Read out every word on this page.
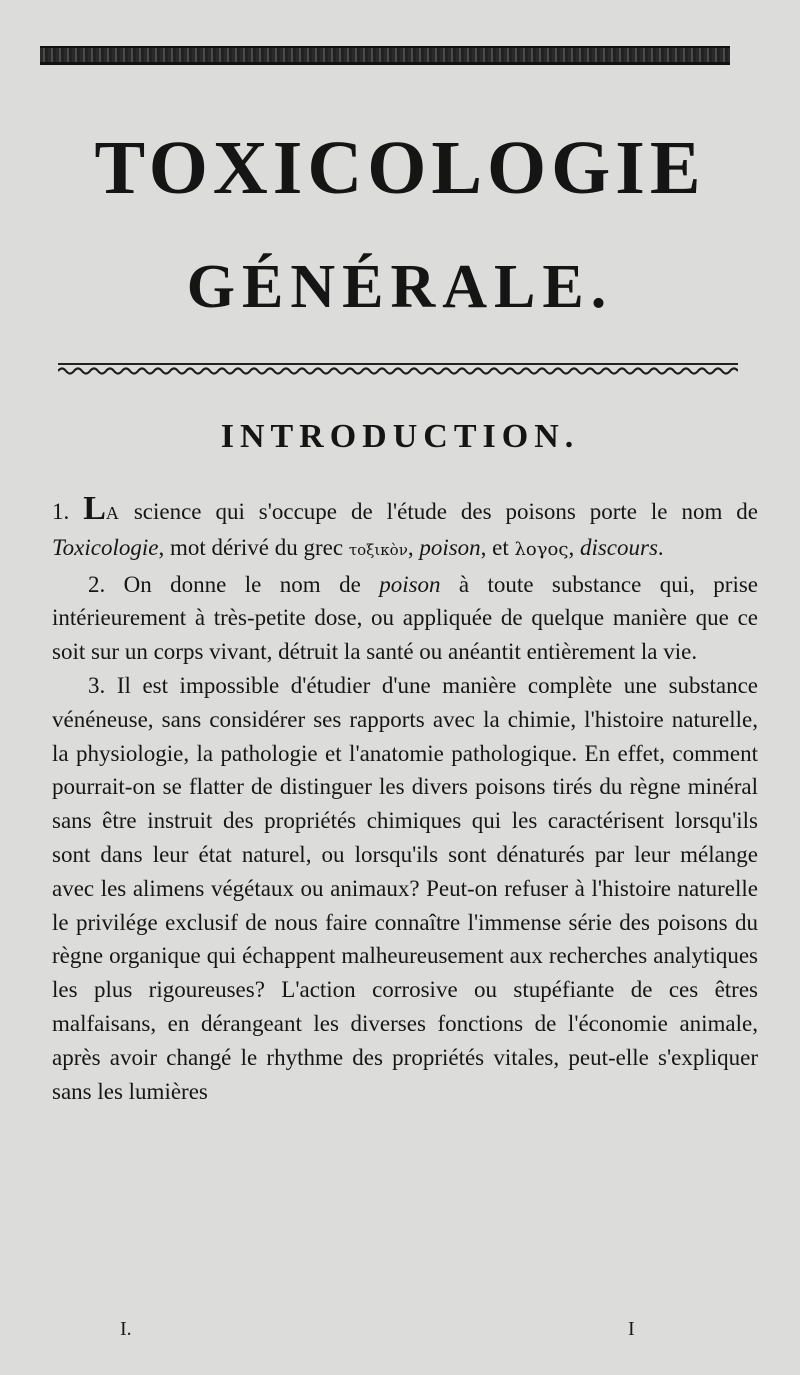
TOXICOLOGIE
GÉNÉRALE.
INTRODUCTION.

1. LA science qui s'occupe de l'étude des poisons porte le nom de Toxicologie, mot dérivé du grec τοξικὸν, poison, et λογος, discours.

2. On donne le nom de poison à toute substance qui, prise intérieurement à très-petite dose, ou appliquée de quelque manière que ce soit sur un corps vivant, détruit la santé ou anéantit entièrement la vie.

3. Il est impossible d'étudier d'une manière complète une substance vénéneuse, sans considérer ses rapports avec la chimie, l'histoire naturelle, la physiologie, la pathologie et l'anatomie pathologique. En effet, comment pourrait-on se flatter de distinguer les divers poisons tirés du règne minéral sans être instruit des propriétés chimiques qui les caractérisent lorsqu'ils sont dans leur état naturel, ou lorsqu'ils sont dénaturés par leur mélange avec les alimens végétaux ou animaux? Peut-on refuser à l'histoire naturelle le privilége exclusif de nous faire connaître l'immense série des poisons du règne organique qui échappent malheureusement aux recherches analytiques les plus rigoureuses? L'action corrosive ou stupéfiante de ces êtres malfaisans, en dérangeant les diverses fonctions de l'économie animale, après avoir changé le rhythme des propriétés vitales, peut-elle s'expliquer sans les lumières

I.	I
